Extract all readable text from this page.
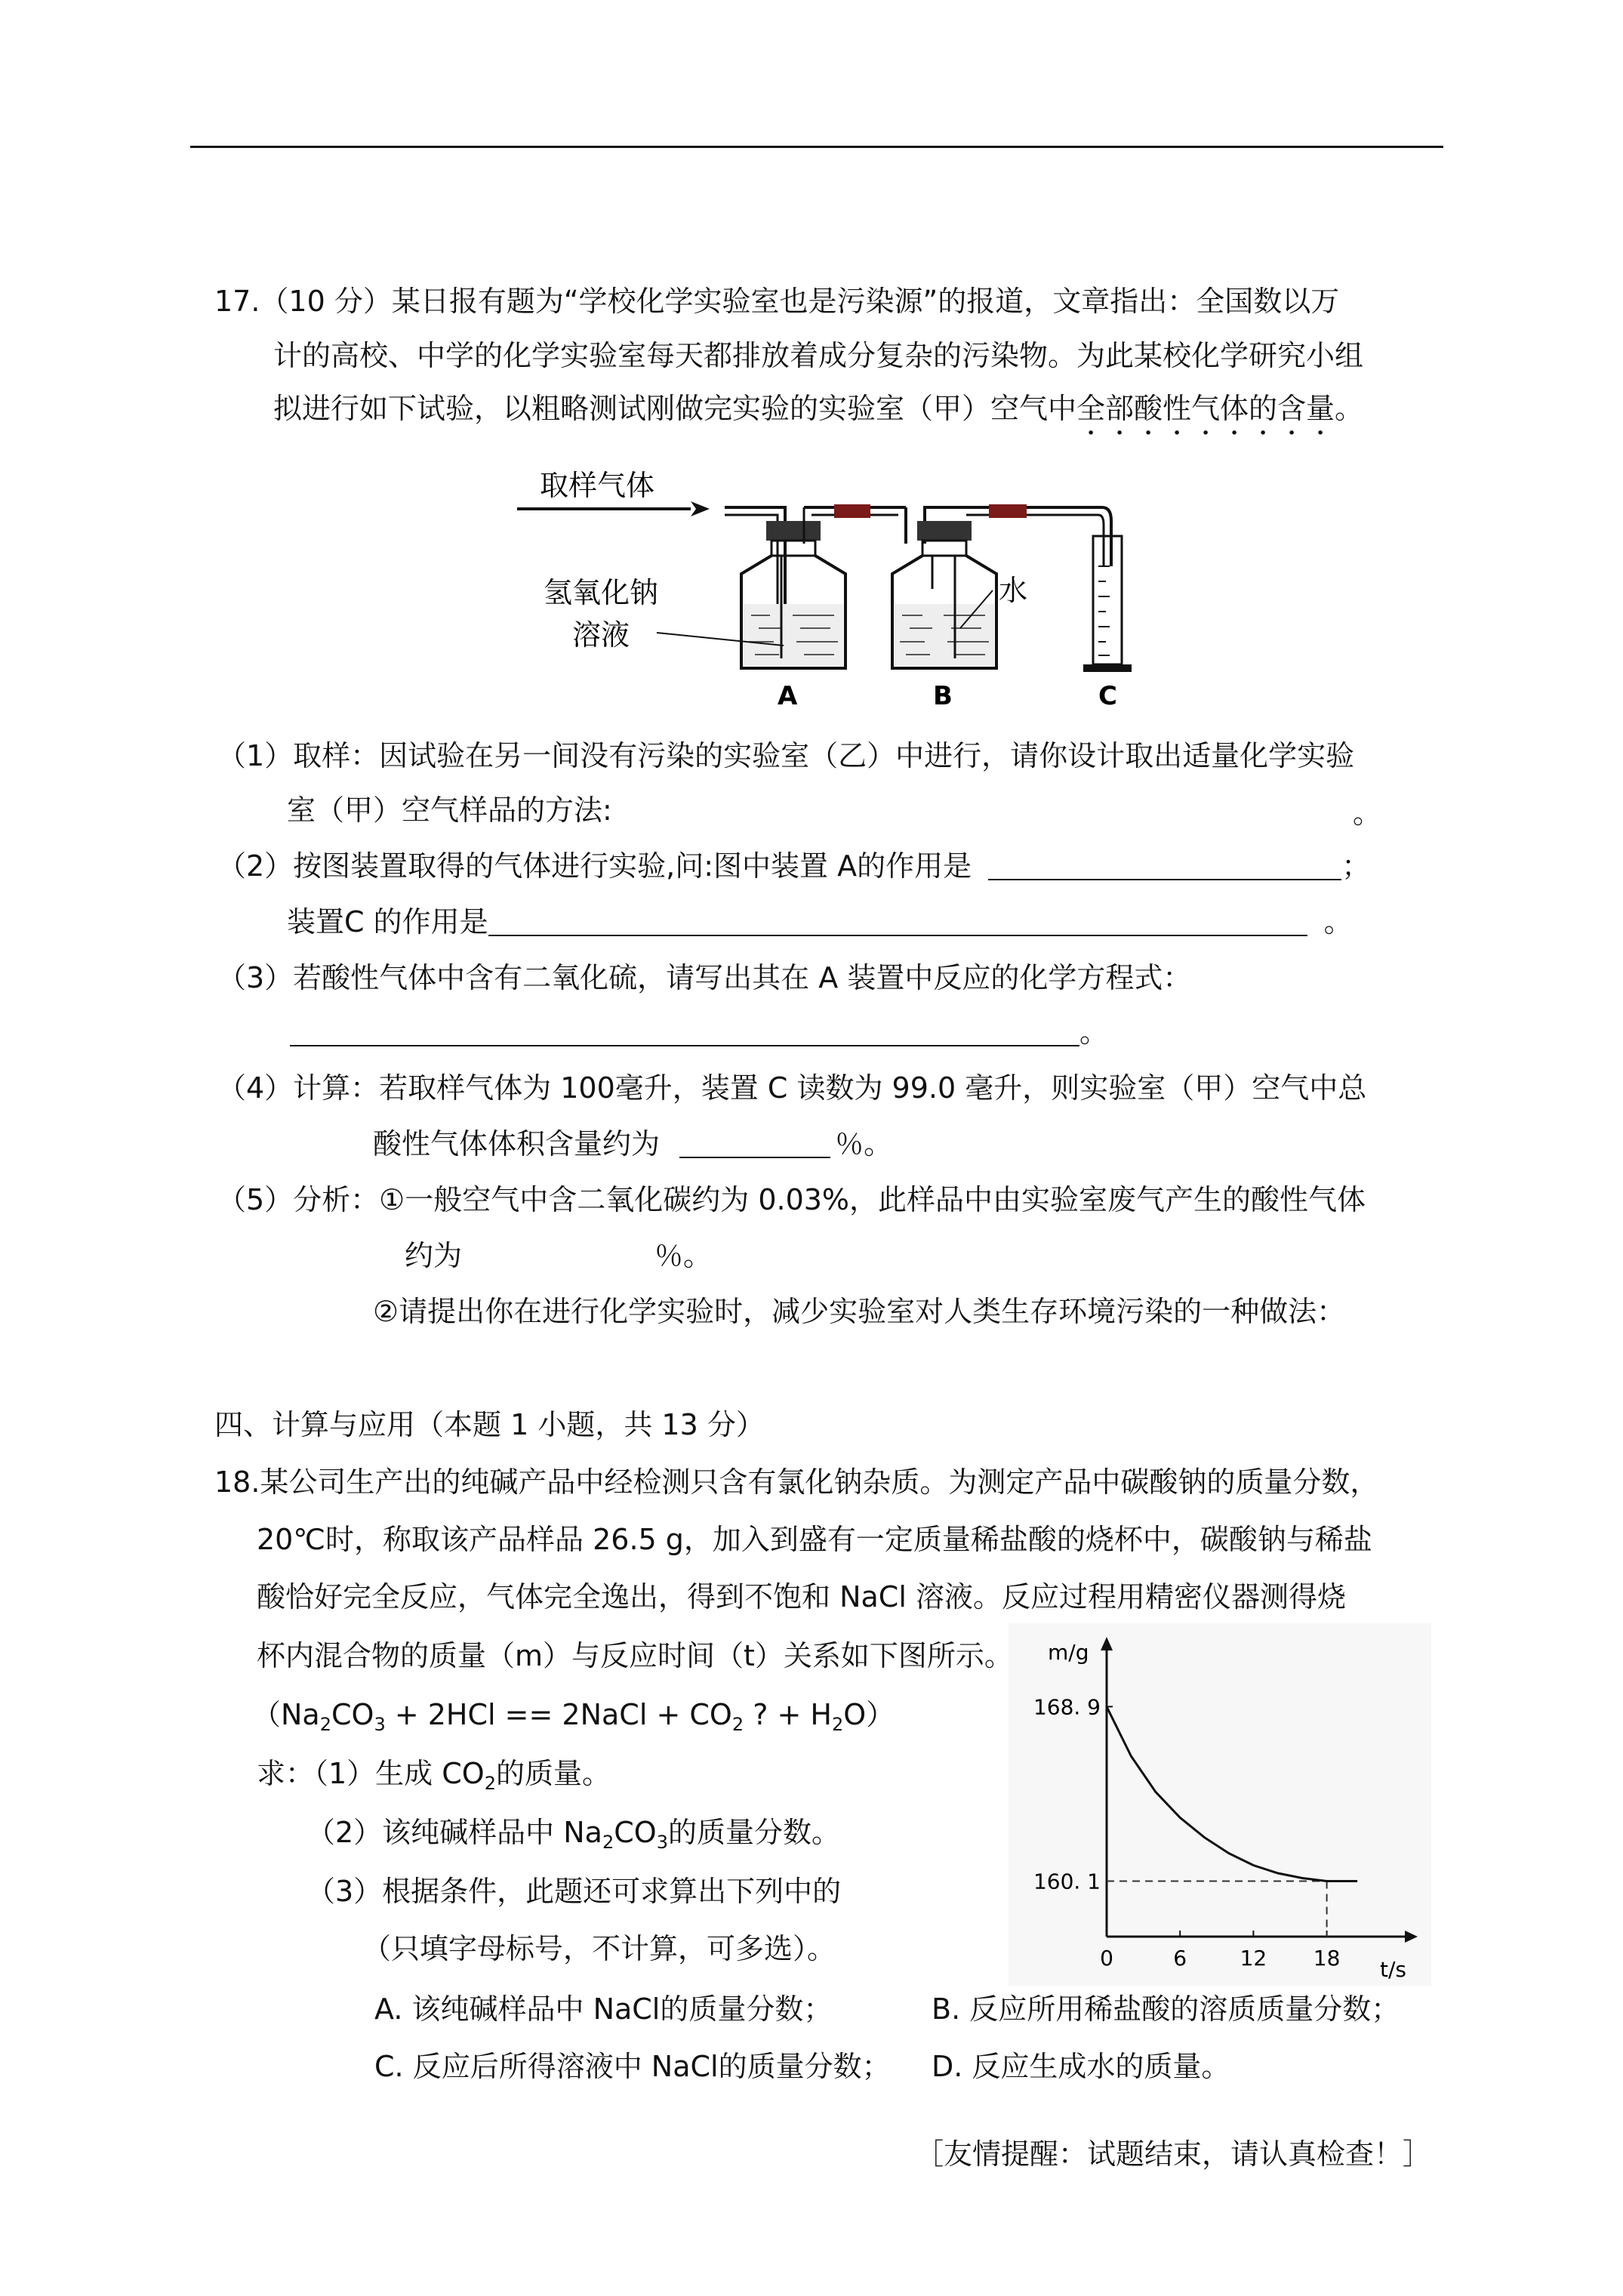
17.（10 分）某日报有题为“学校化学实验室也是污染源”的报道，文章指出：全国数以万
计的高校、中学的化学实验室每天都排放着成分复杂的污染物。为此某校化学研究小组
拟进行如下试验，以粗略测试刚做完实验的实验室（甲）空气中全部酸性气体的含量。
取样气体
氢氧化钠
溶液
水
A	B	C
（1）取样：因试验在另一间没有污染的实验室（乙）中进行，请你设计取出适量化学实验
室（甲）空气样品的方法:	。
（2）按图装置取得的气体进行实验,问:图中装置 A的作用是	；
装置C 的作用是	。
（3）若酸性气体中含有二氧化硫，请写出其在 A 装置中反应的化学方程式：
。
（4）计算：若取样气体为 100毫升，装置 C 读数为 99.0 毫升，则实验室（甲）空气中总
酸性气体体积含量约为	％。
（5）分析：①一般空气中含二氧化碳约为 0.03%，此样品中由实验室废气产生的酸性气体
约为	％。
②请提出你在进行化学实验时，减少实验室对人类生存环境污染的一种做法：
四、计算与应用（本题 1 小题，共 13 分）
18.某公司生产出的纯碱产品中经检测只含有氯化钠杂质。为测定产品中碳酸钠的质量分数，
20℃时，称取该产品样品 26.5 g，加入到盛有一定质量稀盐酸的烧杯中，碳酸钠与稀盐
酸恰好完全反应，气体完全逸出，得到不饱和 NaCl 溶液。反应过程用精密仪器测得烧
杯内混合物的质量（m）与反应时间（t）关系如下图所示。
（$Na_2CO_3 + 2HCl$ == 2NaCl + $CO_2$ ? + $H_2O$）
求：（1）生成 $CO_2$的质量。
（2）该纯碱样品中 $Na_2CO_3$的质量分数。
（3）根据条件，此题还可求算出下列中的
（只填字母标号，不计算，可多选）。
A. 该纯碱样品中 NaCl的质量分数；	B. 反应所用稀盐酸的溶质质量分数；
C. 反应后所得溶液中 NaCl的质量分数； D. 反应生成水的质量。
m/g
t/s
0	6	12 18
160. 1
168. 9
［友情提醒：试题结束，请认真检查！］
